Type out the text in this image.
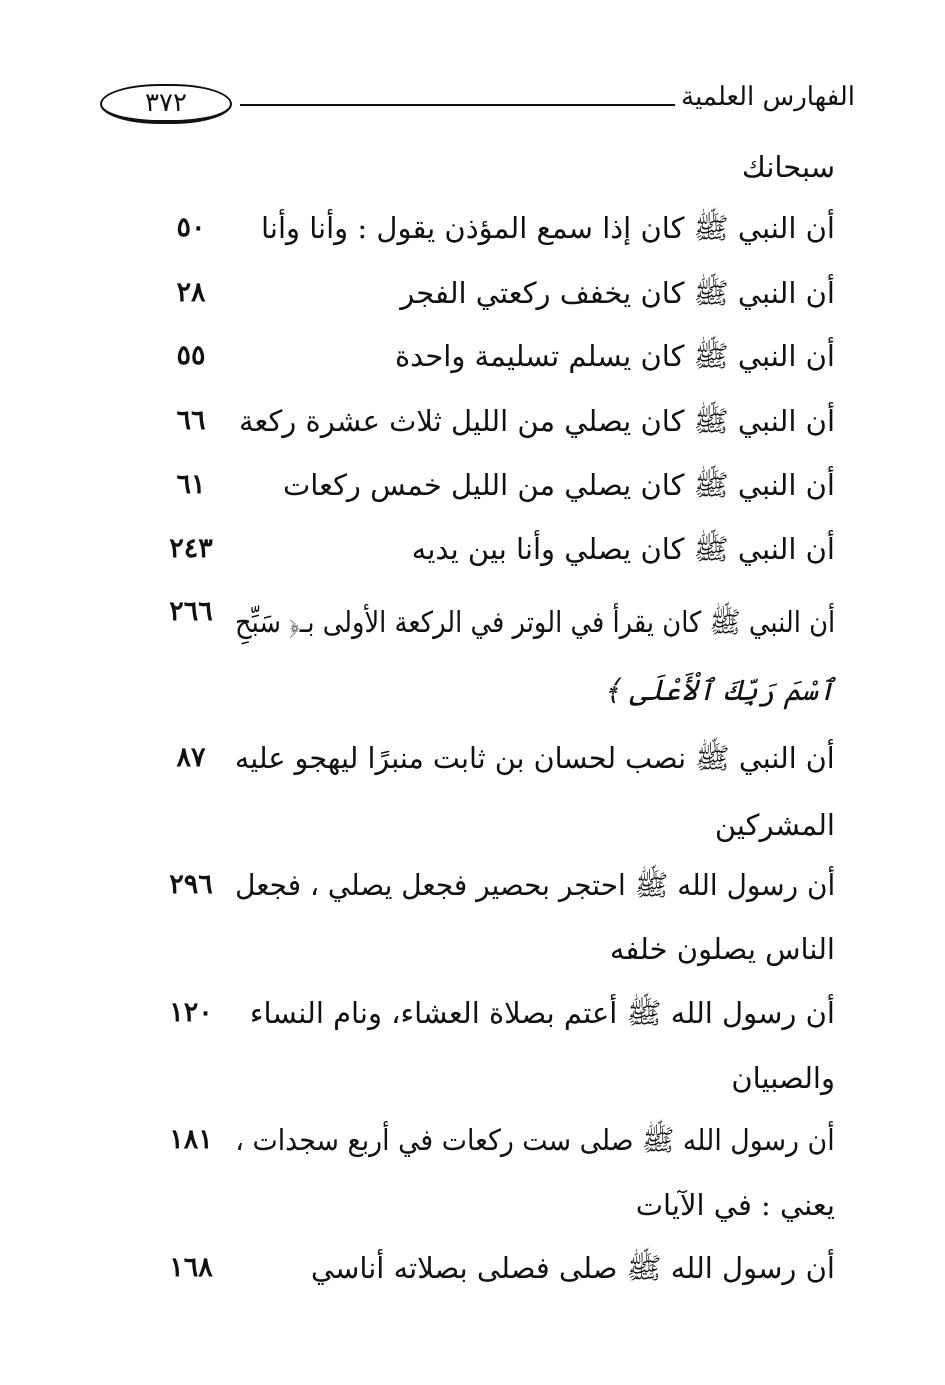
٣٧٢	الفهارس العلمية
سبحانك
أن النبي ﷺ كان إذا سمع المؤذن يقول : وأنا وأنا
٥٠
أن النبي ﷺ كان يخفف ركعتي الفجر
٢٨
أن النبي ﷺ كان يسلم تسليمة واحدة
٥٥
أن النبي ﷺ كان يصلي من الليل ثلاث عشرة ركعة
٦٦
أن النبي ﷺ كان يصلي من الليل خمس ركعات
٦١
أن النبي ﷺ كان يصلي وأنا بين يديه
٢٤٣
أن النبي ﷺ كان يقرأ في الوتر في الركعة الأولى بـ﴿ سَبِّحِ
٢٦٦
ٱسْمَ رَبِّكَ ٱلْأَعْلَى ﴾
أن النبي ﷺ نصب لحسان بن ثابت منبرًا ليهجو عليه
٨٧
المشركين
أن رسول الله ﷺ احتجر بحصير فجعل يصلي ، فجعل
٢٩٦
الناس يصلون خلفه
أن رسول الله ﷺ أعتم بصلاة العشاء، ونام النساء
١٢٠
والصبيان
أن رسول الله ﷺ صلى ست ركعات في أربع سجدات ،
١٨١
يعني : في الآيات
أن رسول الله ﷺ صلى فصلى بصلاته أناسي
١٦٨
